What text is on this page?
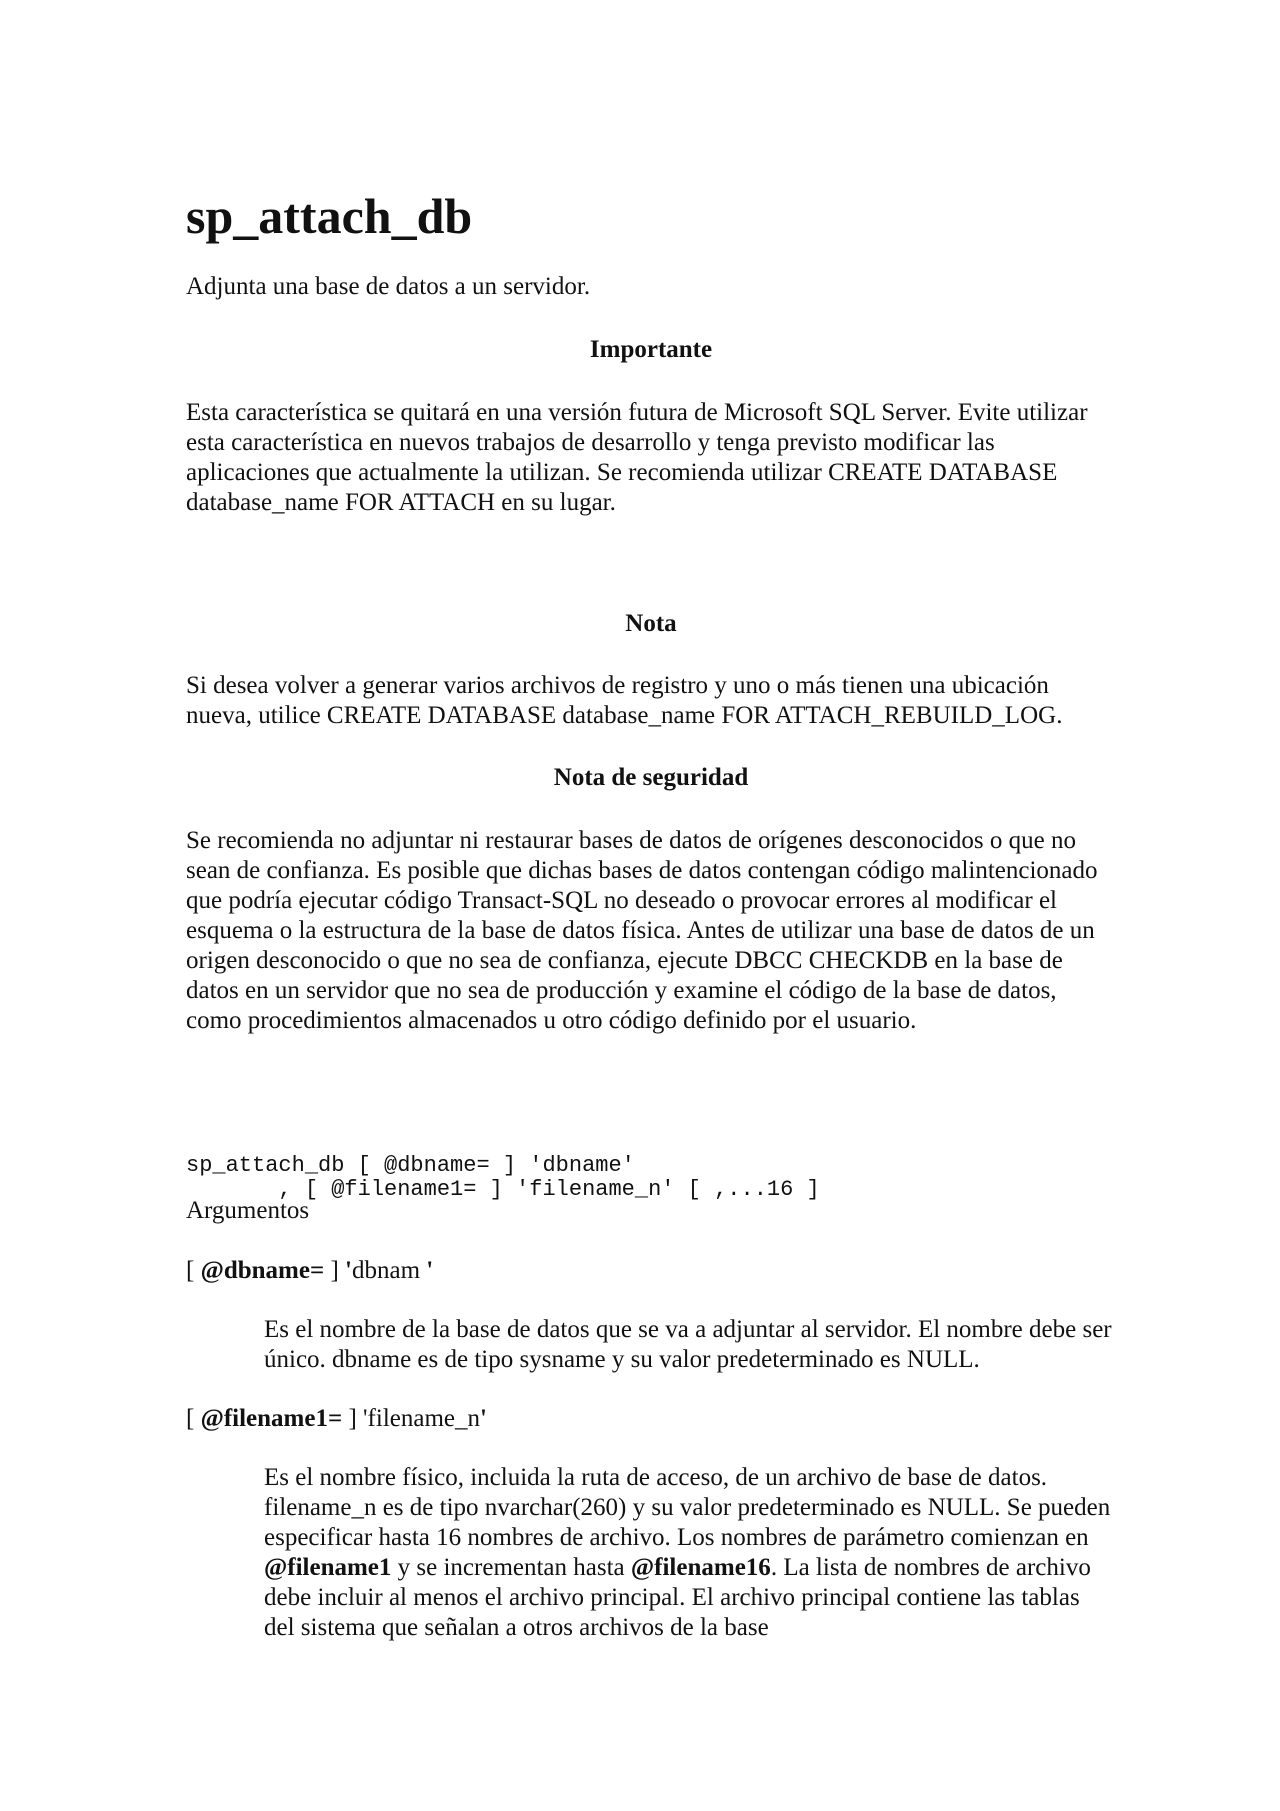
sp_attach_db

Adjunta una base de datos a un servidor.

Importante

Esta característica se quitará en una versión futura de Microsoft SQL Server. Evite utilizar esta característica en nuevos trabajos de desarrollo y tenga previsto modificar las aplicaciones que actualmente la utilizan. Se recomienda utilizar CREATE DATABASE database_name FOR ATTACH en su lugar.

Nota

Si desea volver a generar varios archivos de registro y uno o más tienen una ubicación nueva, utilice CREATE DATABASE database_name FOR ATTACH_REBUILD_LOG.

Nota de seguridad

Se recomienda no adjuntar ni restaurar bases de datos de orígenes desconocidos o que no sean de confianza. Es posible que dichas bases de datos contengan código malintencionado que podría ejecutar código Transact-SQL no deseado o provocar errores al modificar el esquema o la estructura de la base de datos física. Antes de utilizar una base de datos de un origen desconocido o que no sea de confianza, ejecute DBCC CHECKDB en la base de datos en un servidor que no sea de producción y examine el código de la base de datos, como procedimientos almacenados u otro código definido por el usuario.

sp_attach_db [ @dbname= ] 'dbname'
, [ @filename1= ] 'filename_n' [ ,...16 ]

Argumentos

[ @dbname= ] 'dbnam '

Es el nombre de la base de datos que se va a adjuntar al servidor. El nombre debe ser único. dbname es de tipo sysname y su valor predeterminado es NULL.

[ @filename1= ] 'filename_n'

Es el nombre físico, incluida la ruta de acceso, de un archivo de base de datos. filename_n es de tipo nvarchar(260) y su valor predeterminado es NULL. Se pueden especificar hasta 16 nombres de archivo. Los nombres de parámetro comienzan en @filename1 y se incrementan hasta @filename16. La lista de nombres de archivo debe incluir al menos el archivo principal. El archivo principal contiene las tablas del sistema que señalan a otros archivos de la base
